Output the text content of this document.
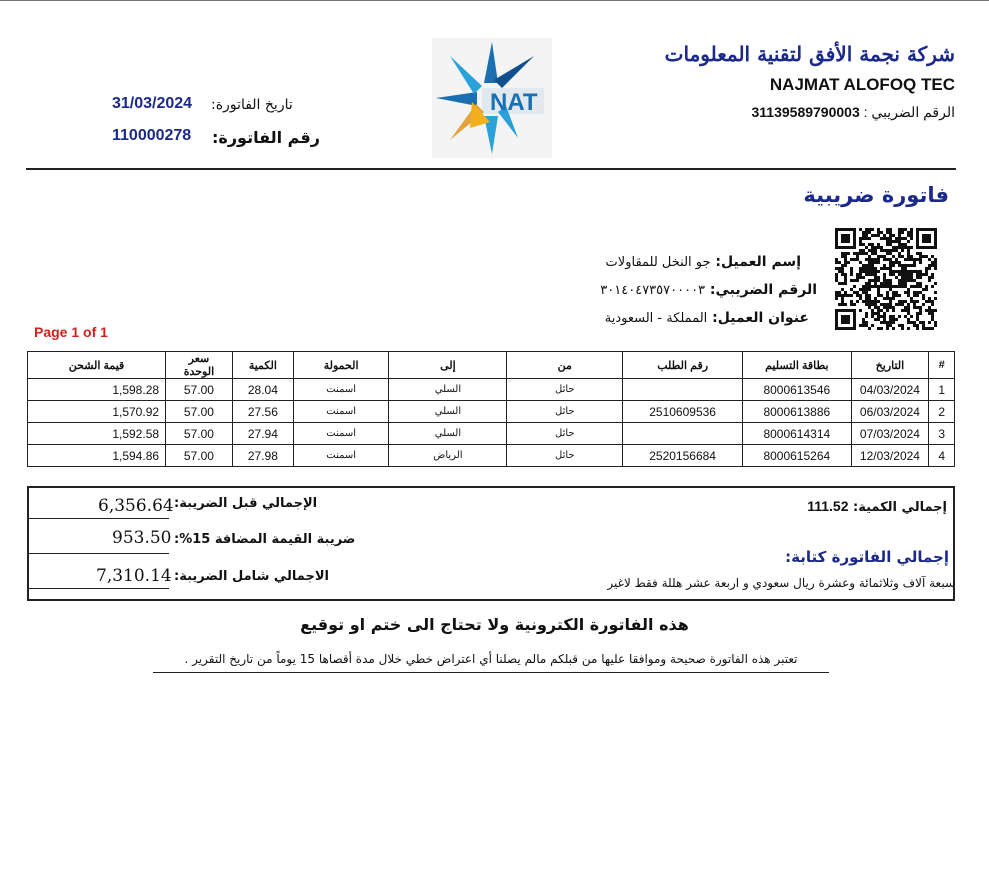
شركة نجمة الأفق لتقنية المعلومات
NAJMAT ALOFOQ TEC
الرقم الضريبي : 31139589790003
NAT
تاريخ الفاتورة:
31/03/2024
رقم الفاتورة:
110000278
فاتورة ضريبية
إسم العميل: جو النخل للمقاولات
الرقم الضريبي: ٣٠١٤٠٤٧٣٥٧٠٠٠٠٣
عنوان العميل: المملكة - السعودية
Page 1 of 1
#	التاريخ	بطاقة التسليم	رقم الطلب	من	إلى	الحمولة	الكمية	سعر الوحدة	قيمة الشحن
1	04/03/2024	8000613546		حائل	السلي	اسمنت	28.04	57.00	1,598.28
2	06/03/2024	8000613886	2510609536	حائل	السلي	اسمنت	27.56	57.00	1,570.92
3	07/03/2024	8000614314		حائل	السلي	اسمنت	27.94	57.00	1,592.58
4	12/03/2024	8000615264	2520156684	حائل	الرياض	اسمنت	27.98	57.00	1,594.86
6,356.64 الإجمالي قبل الضريبة:
953.50 ضريبة القيمة المضافة 15%:
7,310.14 الاجمالي شامل الضريبة:
إجمالي الكمية: 111.52
إجمالي الفاتورة كتابة:
سبعة آلاف وثلاثمائة وعشرة ريال سعودي و اربعة عشر هللة فقط لاغير
هذه الفاتورة الكترونية ولا تحتاج الى ختم او توقيع
تعتبر هذه الفاتورة صحيحة وموافقا عليها من قبلكم مالم يصلنا أي اعتراض خطي خلال مدة أقصاها 15 يوماً من تاريخ التقرير .
